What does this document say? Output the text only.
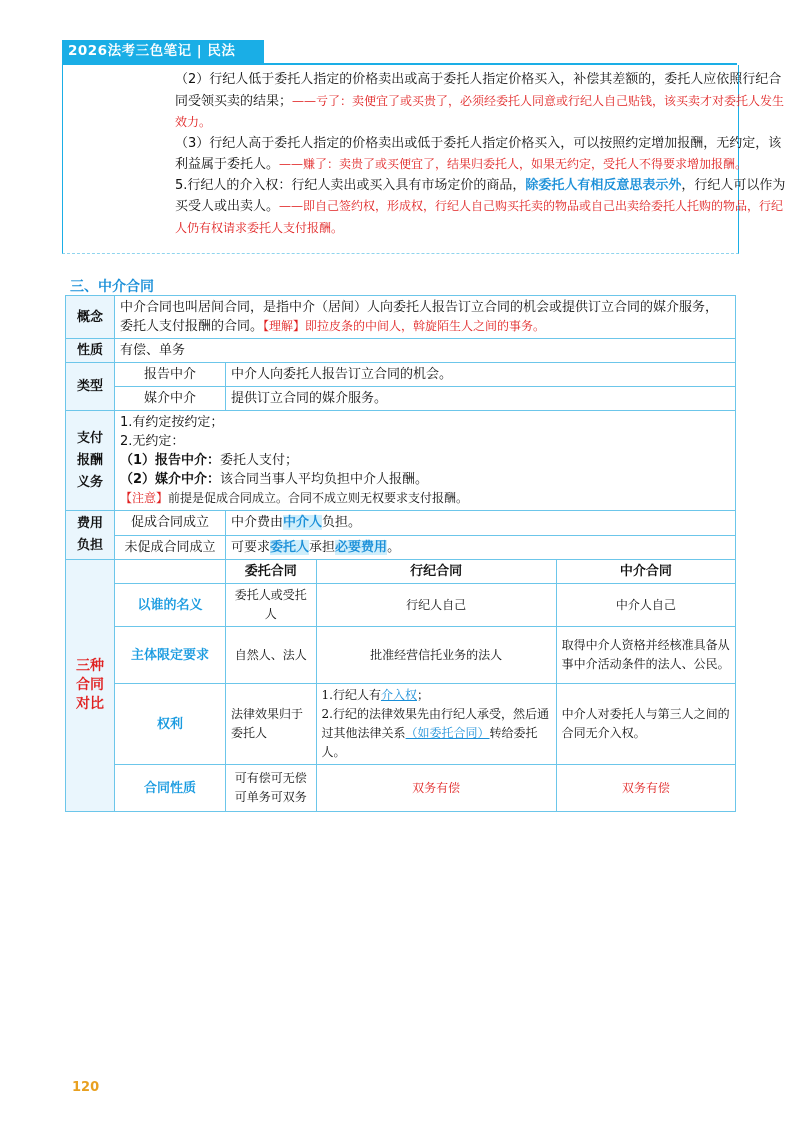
2026法考三色笔记 | 民法

（2）行纪人低于委托人指定的价格卖出或高于委托人指定价格买入，补偿其差额的，委托人应依照行纪合同受领买卖的结果；——亏了：卖便宜了或买贵了，必须经委托人同意或行纪人自己贴钱，该买卖才对委托人发生效力。

（3）行纪人高于委托人指定的价格卖出或低于委托人指定价格买入，可以按照约定增加报酬，无约定，该利益属于委托人。——赚了：卖贵了或买便宜了，结果归委托人，如果无约定，受托人不得要求增加报酬。

5.行纪人的介入权：行纪人卖出或买入具有市场定价的商品，除委托人有相反意思表示外，行纪人可以作为买受人或出卖人。——即自己签约权，形成权，行纪人自己购买托卖的物品或自己出卖给委托人托购的物品，行纪人仍有权请求委托人支付报酬。

三、中介合同
概念	中介合同也叫居间合同，是指中介（居间）人向委托人报告订立合同的机会或提供订立合同的媒介服务，委托人支付报酬的合同。【理解】即拉皮条的中间人，斡旋陌生人之间的事务。			
性质	有偿、单务			
类型	报告中介	中介人向委托人报告订立合同的机会。		
	媒介中介	提供订立合同的媒介服务。		
支付报酬义务	1.有约定按约定；
2.无约定：
（1）报告中介：委托人支付；
（2）媒介中介：该合同当事人平均负担中介人报酬。
【注意】前提是促成合同成立。合同不成立则无权要求支付报酬。			

费用负担	促成合同成立	中介费由中介人负担。		
	未促成合同成立	可要求委托人承担必要费用。		
三种合同对比		委托合同	行纪合同	中介合同
	以谁的名义	委托人或受托人	行纪人自己	中介人自己
	主体限定要求	自然人、法人	批准经营信托业务的法人	取得中介人资格并经核准具备从事中介活动条件的法人、公民。
	权利	法律效果归于委托人	1.行纪人有介入权；
2.行纪的法律效果先由行纪人承受，然后通过其他法律关系（如委托合同）转给委托人。	中介人对委托人与第三人之间的合同无介入权。
	合同性质	可有偿可无偿可单务可双务	双务有偿	双务有偿
120
